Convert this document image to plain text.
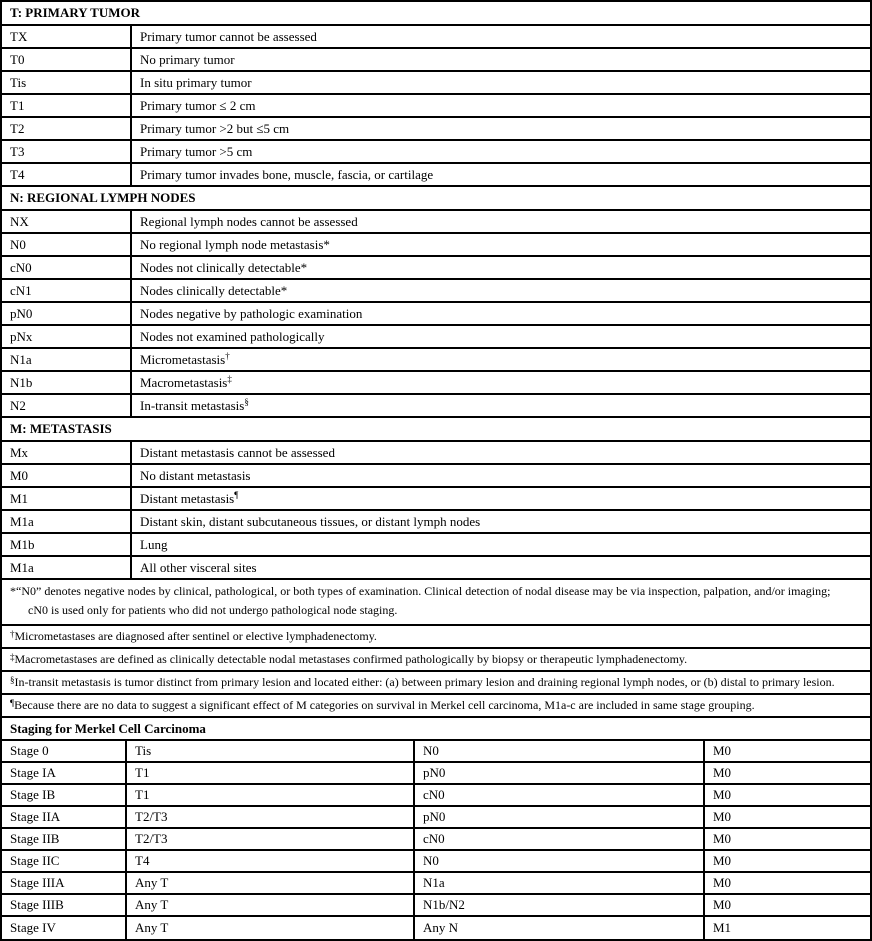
T: PRIMARY TUMOR
TX	Primary tumor cannot be assessed
T0	No primary tumor
Tis	In situ primary tumor
T1	Primary tumor ≤ 2 cm
T2	Primary tumor >2 but ≤5 cm
T3	Primary tumor >5 cm
T4	Primary tumor invades bone, muscle, fascia, or cartilage
N: REGIONAL LYMPH NODES
NX	Regional lymph nodes cannot be assessed
N0	No regional lymph node metastasis*
cN0	Nodes not clinically detectable*
cN1	Nodes clinically detectable*
pN0	Nodes negative by pathologic examination
pNx	Nodes not examined pathologically
N1a	Micrometastasis †
N1b	Macrometastasis ‡
N2	In-transit metastasis §
M: METASTASIS
Mx	Distant metastasis cannot be assessed
M0	No distant metastasis
M1	Distant metastasis ¶
M1a	Distant skin, distant subcutaneous tissues, or distant lymph nodes
M1b	Lung
M1a	All other visceral sites
*“N0” denotes negative nodes by clinical, pathological, or both types of examination. Clinical detection of nodal disease may be via inspection, palpation, and/or imaging;
cN0 is used only for patients who did not undergo pathological node staging.
†Micrometastases are diagnosed after sentinel or elective lymphadenectomy.
‡Macrometastases are defined as clinically detectable nodal metastases confirmed pathologically by biopsy or therapeutic lymphadenectomy.
§In-transit metastasis is tumor distinct from primary lesion and located either: (a) between primary lesion and draining regional lymph nodes, or (b) distal to primary lesion.
¶Because there are no data to suggest a significant effect of M categories on survival in Merkel cell carcinoma, M1a-c are included in same stage grouping.
Staging for Merkel Cell Carcinoma
Stage 0	Tis	N0	M0
Stage IA	T1	pN0	M0
Stage IB	T1	cN0	M0
Stage IIA	T2/T3	pN0	M0
Stage IIB	T2/T3	cN0	M0
Stage IIC	T4	N0	M0
Stage IIIA	Any T	N1a	M0
Stage IIIB	Any T	N1b/N2	M0
Stage IV	Any T	Any N	M1
